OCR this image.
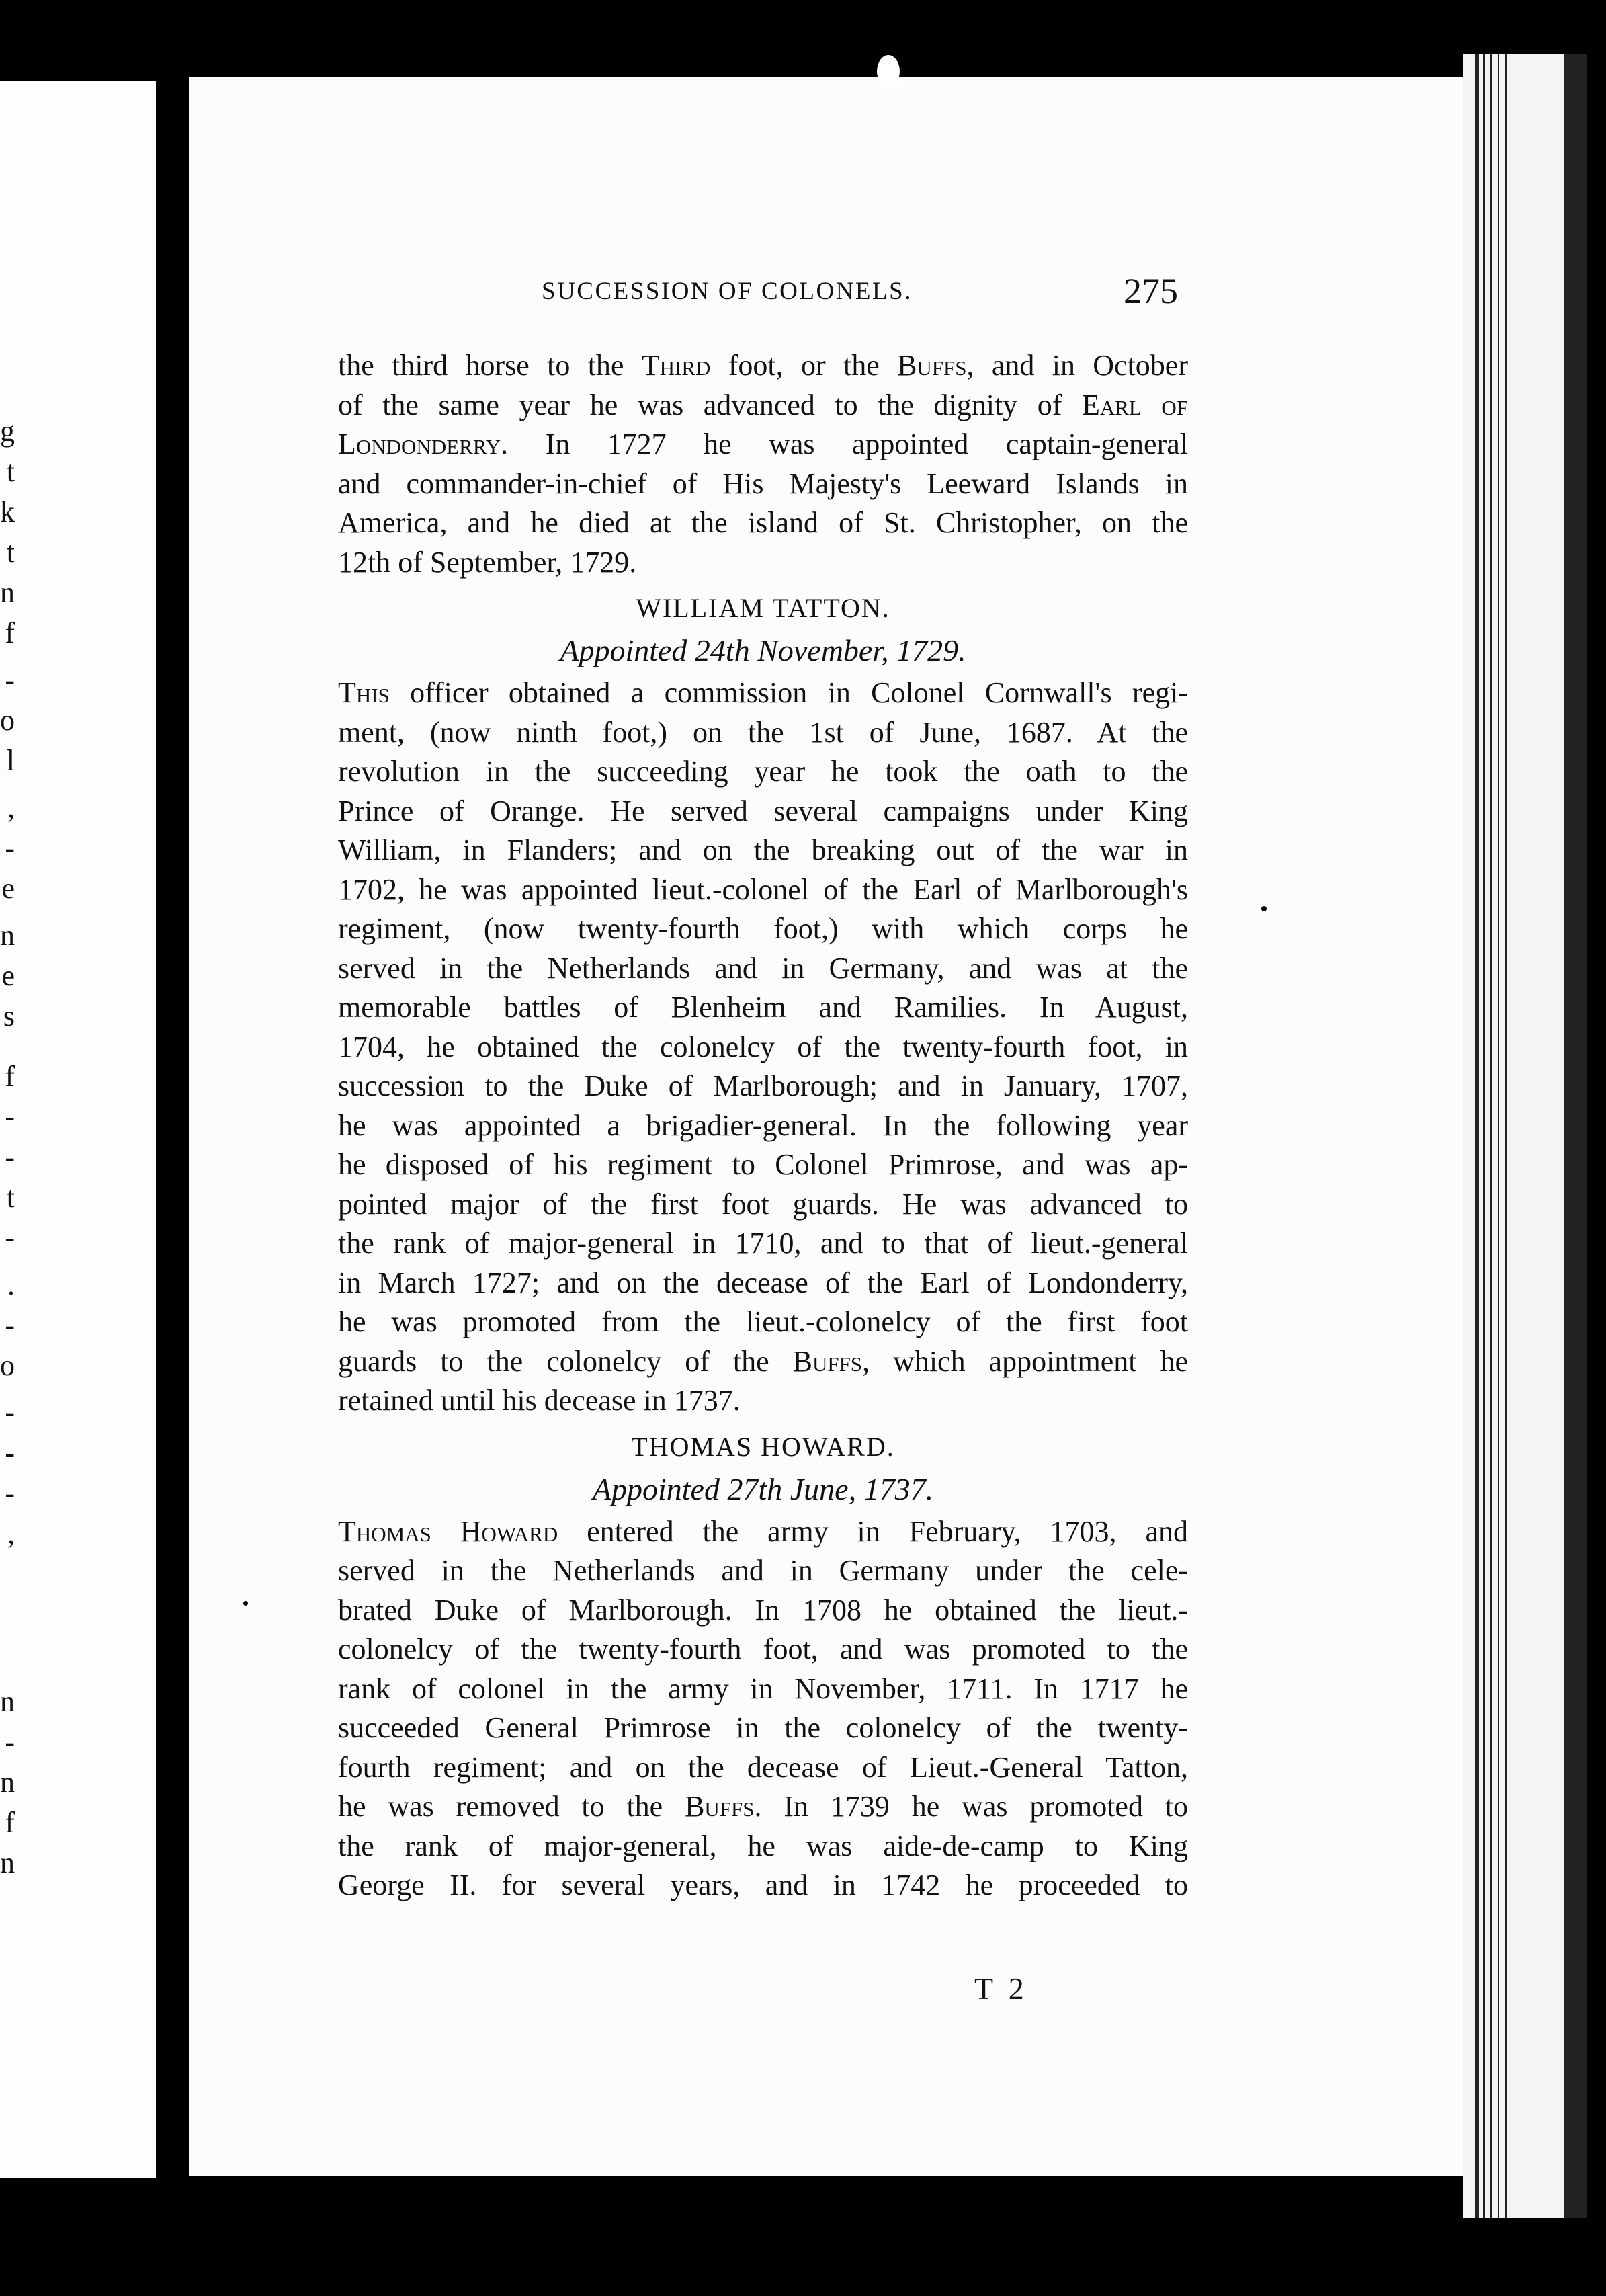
g
t
k
t
n
f
-
o
l
,
-
e
n
e
s
f
-
-
t
-
.
-
o
-
-
-
,
n
-
n
f
n
SUCCESSION OF COLONELS.	275
the third horse to the Third foot, or the Buffs, and in October
of the same year he was advanced to the dignity of Earl of
Londonderry. In 1727 he was appointed captain-general
and commander-in-chief of His Majesty's Leeward Islands in
America, and he died at the island of St. Christopher, on the
12th of September, 1729.
WILLIAM TATTON.
Appointed 24th November, 1729.
This officer obtained a commission in Colonel Cornwall's regi-
ment, (now ninth foot,) on the 1st of June, 1687. At the
revolution in the succeeding year he took the oath to the
Prince of Orange. He served several campaigns under King
William, in Flanders; and on the breaking out of the war in
1702, he was appointed lieut.-colonel of the Earl of Marlborough's
regiment, (now twenty-fourth foot,) with which corps he
served in the Netherlands and in Germany, and was at the
memorable battles of Blenheim and Ramilies. In August,
1704, he obtained the colonelcy of the twenty-fourth foot, in
succession to the Duke of Marlborough; and in January, 1707,
he was appointed a brigadier-general. In the following year
he disposed of his regiment to Colonel Primrose, and was ap-
pointed major of the first foot guards. He was advanced to
the rank of major-general in 1710, and to that of lieut.-general
in March 1727; and on the decease of the Earl of Londonderry,
he was promoted from the lieut.-colonelcy of the first foot
guards to the colonelcy of the Buffs, which appointment he
retained until his decease in 1737.
THOMAS HOWARD.
Appointed 27th June, 1737.
Thomas Howard entered the army in February, 1703, and
served in the Netherlands and in Germany under the cele-
brated Duke of Marlborough. In 1708 he obtained the lieut.-
colonelcy of the twenty-fourth foot, and was promoted to the
rank of colonel in the army in November, 1711. In 1717 he
succeeded General Primrose in the colonelcy of the twenty-
fourth regiment; and on the decease of Lieut.-General Tatton,
he was removed to the Buffs. In 1739 he was promoted to
the rank of major-general, he was aide-de-camp to King
George II. for several years, and in 1742 he proceeded to
T 2
